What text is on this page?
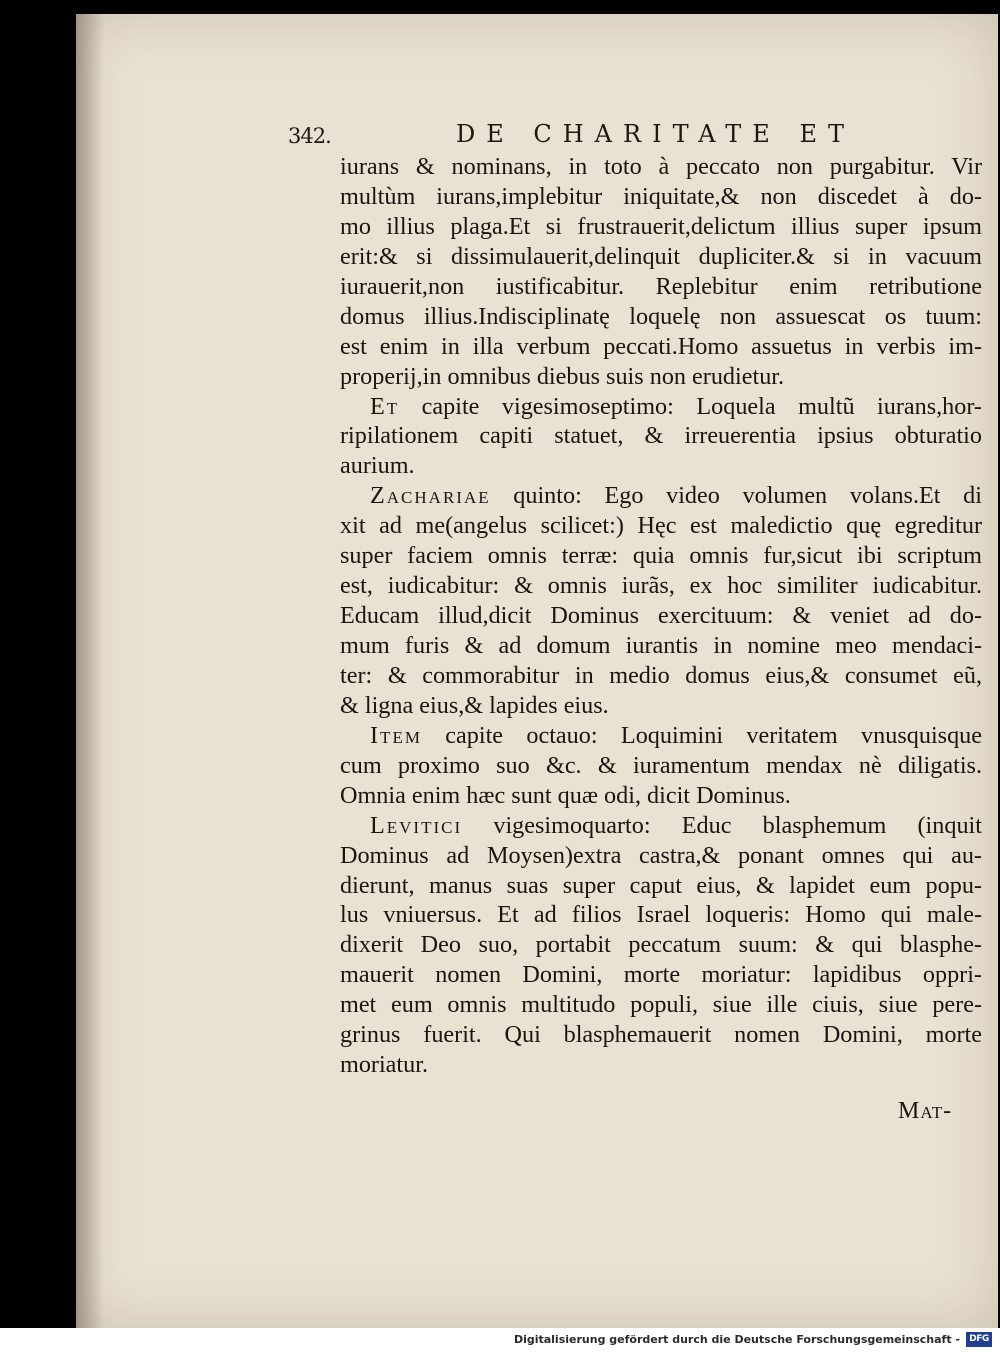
342.	DE CHARITATE ET
iurans & nominans, in toto à peccato non purgabitur. Vir
multùm iurans,implebitur iniquitate,& non discedet à do-
mo illius plaga.Et si frustrauerit,delictum illius super ipsum
erit:& si dissimulauerit,delinquit dupliciter.& si in vacuum
iurauerit,non iustificabitur. Replebitur enim retributione
domus illius.Indisciplinatę loquelę non assuescat os tuum:
est enim in illa verbum peccati.Homo assuetus in verbis im-
properij,in omnibus diebus suis non erudietur.
Et capite vigesimoseptimo: Loquela multũ iurans,hor-
ripilationem capiti statuet, & irreuerentia ipsius obturatio
aurium.
Zachariae quinto: Ego video volumen volans.Et di
xit ad me(angelus scilicet:) Hęc est maledictio quę egreditur
super faciem omnis terræ: quia omnis fur,sicut ibi scriptum
est, iudicabitur: & omnis iurãs, ex hoc similiter iudicabitur.
Educam illud,dicit Dominus exercituum: & veniet ad do-
mum furis & ad domum iurantis in nomine meo mendaci-
ter: & commorabitur in medio domus eius,& consumet eũ,
& ligna eius,& lapides eius.
Item capite octauo: Loquimini veritatem vnusquisque
cum proximo suo &c. & iuramentum mendax nè diligatis.
Omnia enim hæc sunt quæ odi, dicit Dominus.
Levitici vigesimoquarto: Educ blasphemum (inquit
Dominus ad Moysen)extra castra,& ponant omnes qui au-
dierunt, manus suas super caput eius, & lapidet eum popu-
lus vniuersus. Et ad filios Israel loqueris: Homo qui male-
dixerit Deo suo, portabit peccatum suum: & qui blasphe-
mauerit nomen Domini, morte moriatur: lapidibus oppri-
met eum omnis multitudo populi, siue ille ciuis, siue pere-
grinus fuerit. Qui blasphemauerit nomen Domini, morte
moriatur.
Mat-
Digitalisierung gefördert durch die Deutsche Forschungsgemeinschaft -	DFG
